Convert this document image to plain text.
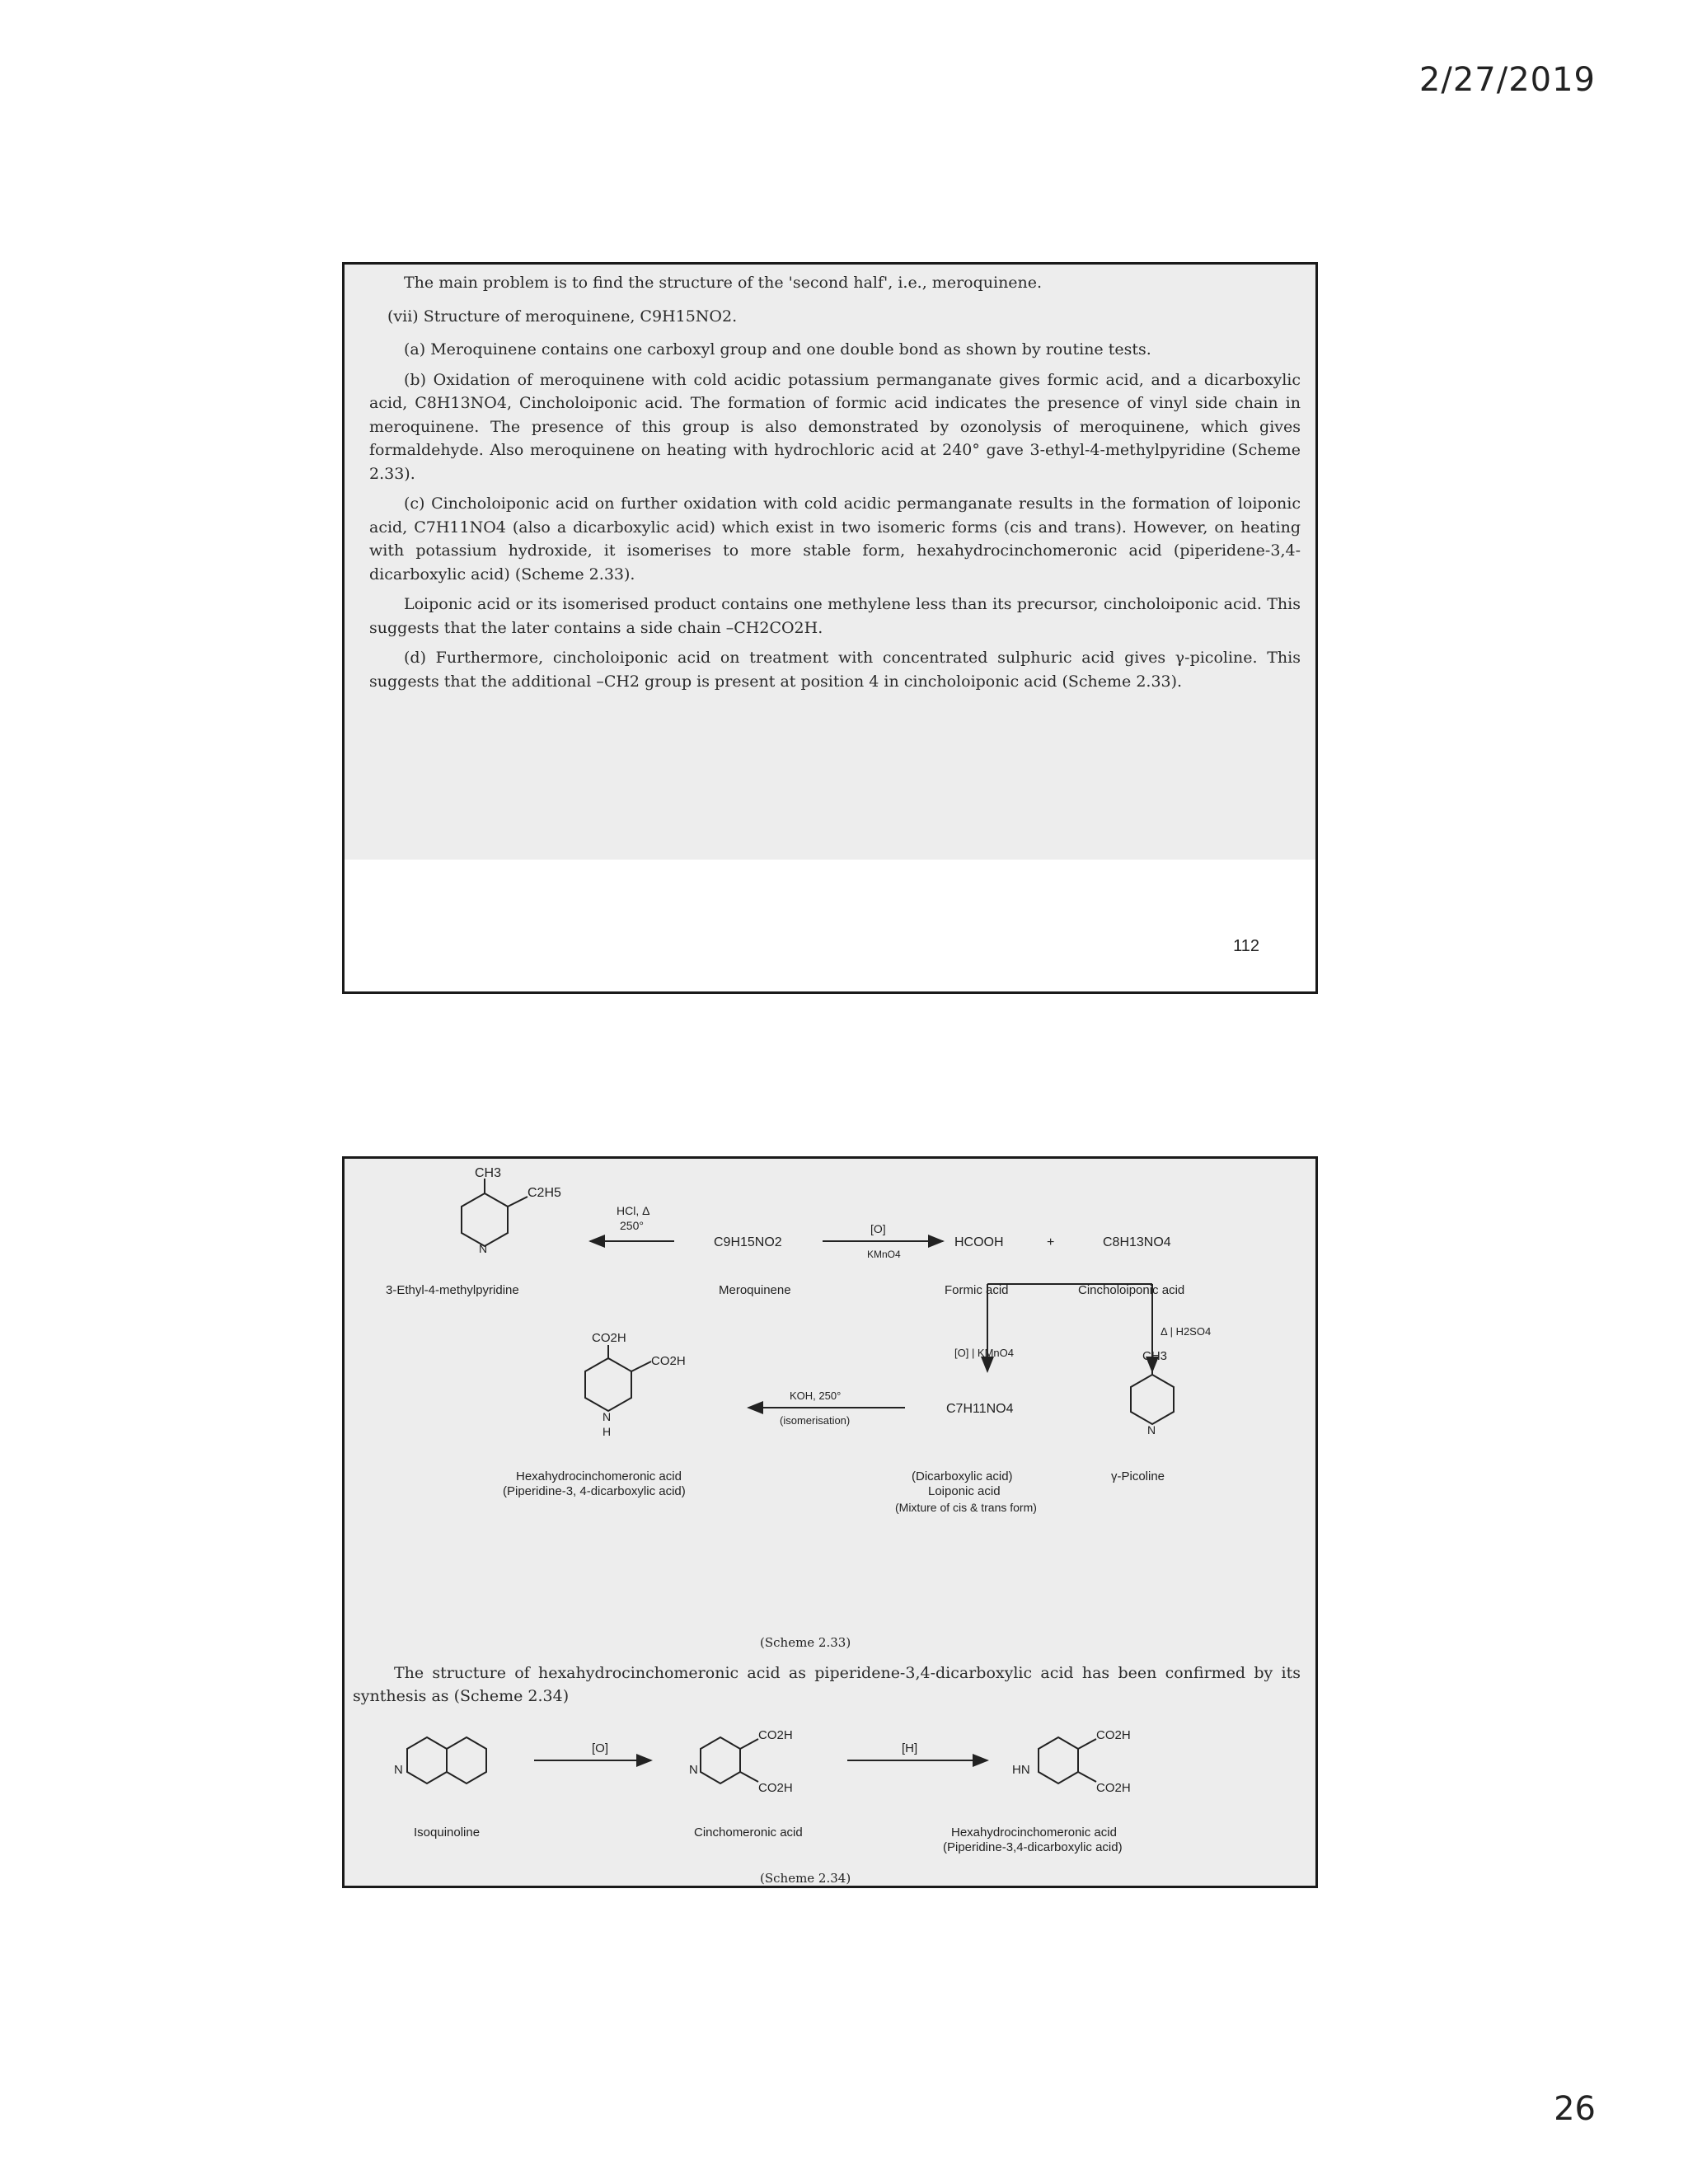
2/27/2019

The main problem is to find the structure of the 'second half', i.e., meroquinene.

(vii) Structure of meroquinene, C9H15NO2.

(a) Meroquinene contains one carboxyl group and one double bond as shown by routine tests.

(b) Oxidation of meroquinene with cold acidic potassium permanganate gives formic acid, and a dicarboxylic acid, C8H13NO4, Cincholoiponic acid. The formation of formic acid indicates the presence of vinyl side chain in meroquinene. The presence of this group is also demonstrated by ozonolysis of meroquinene, which gives formaldehyde. Also meroquinene on heating with hydrochloric acid at 240° gave 3-ethyl-4-methylpyridine (Scheme 2.33).

(c) Cincholoiponic acid on further oxidation with cold acidic permanganate results in the formation of loiponic acid, C7H11NO4 (also a dicarboxylic acid) which exist in two isomeric forms (cis and trans). However, on heating with potassium hydroxide, it isomerises to more stable form, hexahydrocinchomeronic acid (piperidene-3,4-dicarboxylic acid) (Scheme 2.33).

Loiponic acid or its isomerised product contains one methylene less than its precursor, cincholoiponic acid. This suggests that the later contains a side chain –CH2CO2H.

(d) Furthermore, cincholoiponic acid on treatment with concentrated sulphuric acid gives γ-picoline. This suggests that the additional –CH2 group is present at position 4 in cincholoiponic acid (Scheme 2.33).

112
CH3
C2H5
N
HCl, Δ
250°
3-Ethyl-4-methylpyridine
C9H15NO2
[O]
KMnO4
Meroquinene
HCOOH	+	C8H13NO4
Formic acid	Cincholoiponic acid
Δ | H2SO4
[O] | KMnO4	CH3
N
γ-Picoline
C7H11NO4
KOH, 250°
(isomerisation)
(Dicarboxylic acid)
Loiponic acid
(Mixture of cis & trans form)
CO2H
CO2H
N
H
Hexahydrocinchomeronic acid
(Piperidine-3, 4-dicarboxylic acid)
(Scheme 2.33)

The structure of hexahydrocinchomeronic acid as piperidene-3,4-dicarboxylic acid has been confirmed by its synthesis as (Scheme 2.34)

N
Isoquinoline
[O]
CO2H
CO2H
N
Cinchomeronic acid
[H]
CO2H
CO2H
HN
Hexahydrocinchomeronic acid
(Piperidine-3,4-dicarboxylic acid)
(Scheme 2.34)
26
